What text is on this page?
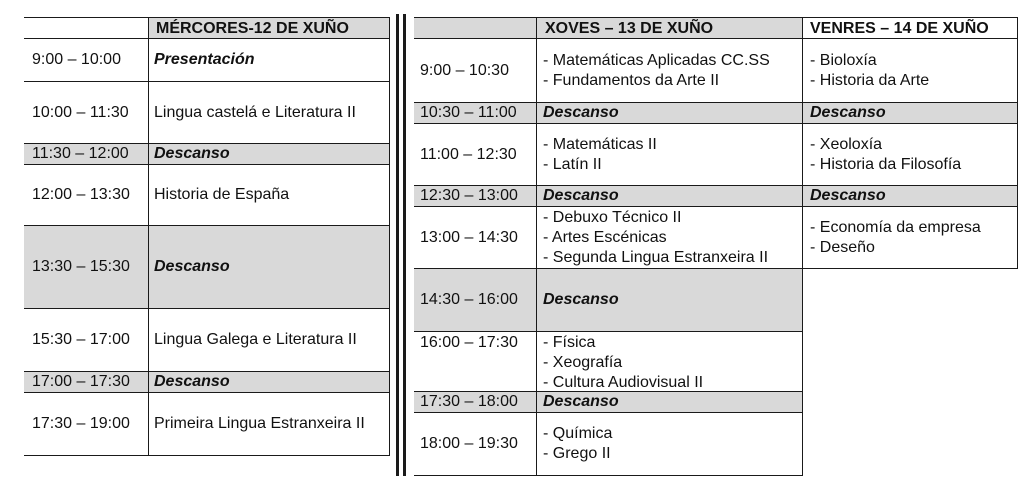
MÉRCORES-12 DE XUÑO
9:00 – 10:00 Presentación
10:00 – 11:30 Lingua castelá e Literatura II
11:30 – 12:00 Descanso
12:00 – 13:30 Historia de España
13:30 – 15:30 Descanso
15:30 – 17:00 Lingua Galega e Literatura II
17:00 – 17:30 Descanso
17:30 – 19:00 Primeira Lingua Estranxeira II
XOVES – 13 DE XUÑO	VENRES – 14 DE XUÑO
9:00 – 10:30
- Matemáticas Aplicadas CC.SS
- Fundamentos da Arte II
10:30 – 11:00 Descanso
11:00 – 12:30
- Matemáticas II
- Latín II
12:30 – 13:00 Descanso
13:00 – 14:30
- Debuxo Técnico II
- Artes Escénicas
- Segunda Lingua Estranxeira II
14:30 – 16:00 Descanso
16:00 – 17:30 - Física
- Xeografía
- Cultura Audiovisual II
17:30 – 18:00 Descanso
18:00 – 19:30
- Química
- Grego II
- Bioloxía
- Historia da Arte
Descanso
- Xeoloxía
- Historia da Filosofía
Descanso
- Economía da empresa
- Deseño
